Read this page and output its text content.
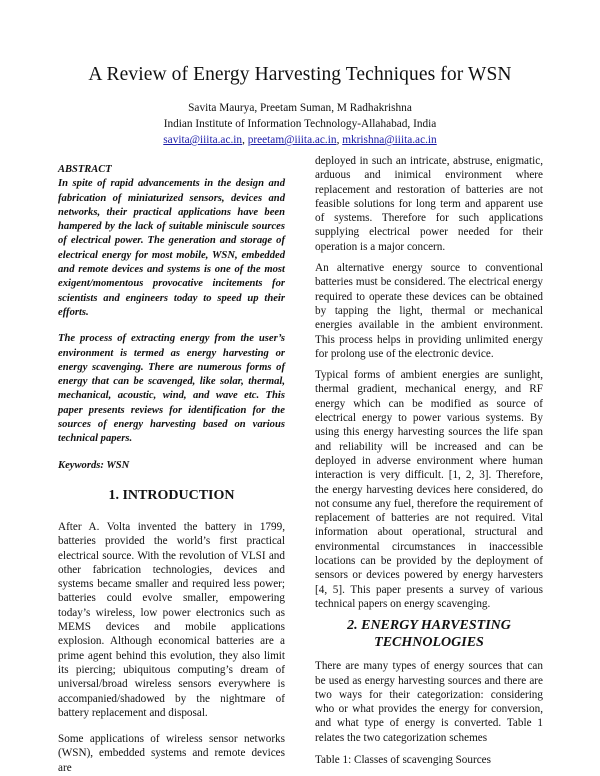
A Review of Energy Harvesting Techniques for WSN
Savita Maurya, Preetam Suman, M Radhakrishna
Indian Institute of Information Technology-Allahabad, India
savita@iiita.ac.in, preetam@iiita.ac.in, mkrishna@iiita.ac.in

ABSTRACT

In spite of rapid advancements in the design and fabrication of miniaturized sensors, devices and networks, their practical applications have been hampered by the lack of suitable miniscule sources of electrical power. The generation and storage of electrical energy for most mobile, WSN, embedded and remote devices and systems is one of the most exigent/momentous provocative incitements for scientists and engineers today to speed up their efforts.

The process of extracting energy from the user’s environment is termed as energy harvesting or energy scavenging. There are numerous forms of energy that can be scavenged, like solar, thermal, mechanical, acoustic, wind, and wave etc. This paper presents reviews for identification for the sources of energy harvesting based on various technical papers.

Keywords: WSN

1. INTRODUCTION

After A. Volta invented the battery in 1799, batteries provided the world’s first practical electrical source. With the revolution of VLSI and other fabrication technologies, devices and systems became smaller and required less power; batteries could evolve smaller, empowering today’s wireless, low power electronics such as MEMS devices and mobile applications explosion. Although economical batteries are a prime agent behind this evolution, they also limit its piercing; ubiquitous computing’s dream of universal/broad wireless sensors everywhere is accompanied/shadowed by the nightmare of battery replacement and disposal.

Some applications of wireless sensor networks (WSN), embedded systems and remote devices are

deployed in such an intricate, abstruse, enigmatic, arduous and inimical environment where replacement and restoration of batteries are not feasible solutions for long term and apparent use of systems. Therefore for such applications supplying electrical power needed for their operation is a major concern.

An alternative energy source to conventional batteries must be considered. The electrical energy required to operate these devices can be obtained by tapping the light, thermal or mechanical energies available in the ambient environment. This process helps in providing unlimited energy for prolong use of the electronic device.

Typical forms of ambient energies are sunlight, thermal gradient, mechanical energy, and RF energy which can be modified as source of electrical energy to power various systems. By using this energy harvesting sources the life span and reliability will be increased and can be deployed in adverse environment where human interaction is very difficult. [1, 2, 3]. Therefore, the energy harvesting devices here considered, do not consume any fuel, therefore the requirement of replacement of batteries are not required. Vital information about operational, structural and environmental circumstances in inaccessible locations can be provided by the deployment of sensors or devices powered by energy harvesters [4, 5]. This paper presents a survey of various technical papers on energy scavenging.

2. ENERGY HARVESTING TECHNOLOGIES

There are many types of energy sources that can be used as energy harvesting sources and there are two ways for their categorization: considering who or what provides the energy for conversion, and what type of energy is converted. Table 1 relates the two categorization schemes

Table 1: Classes of scavenging Sources
